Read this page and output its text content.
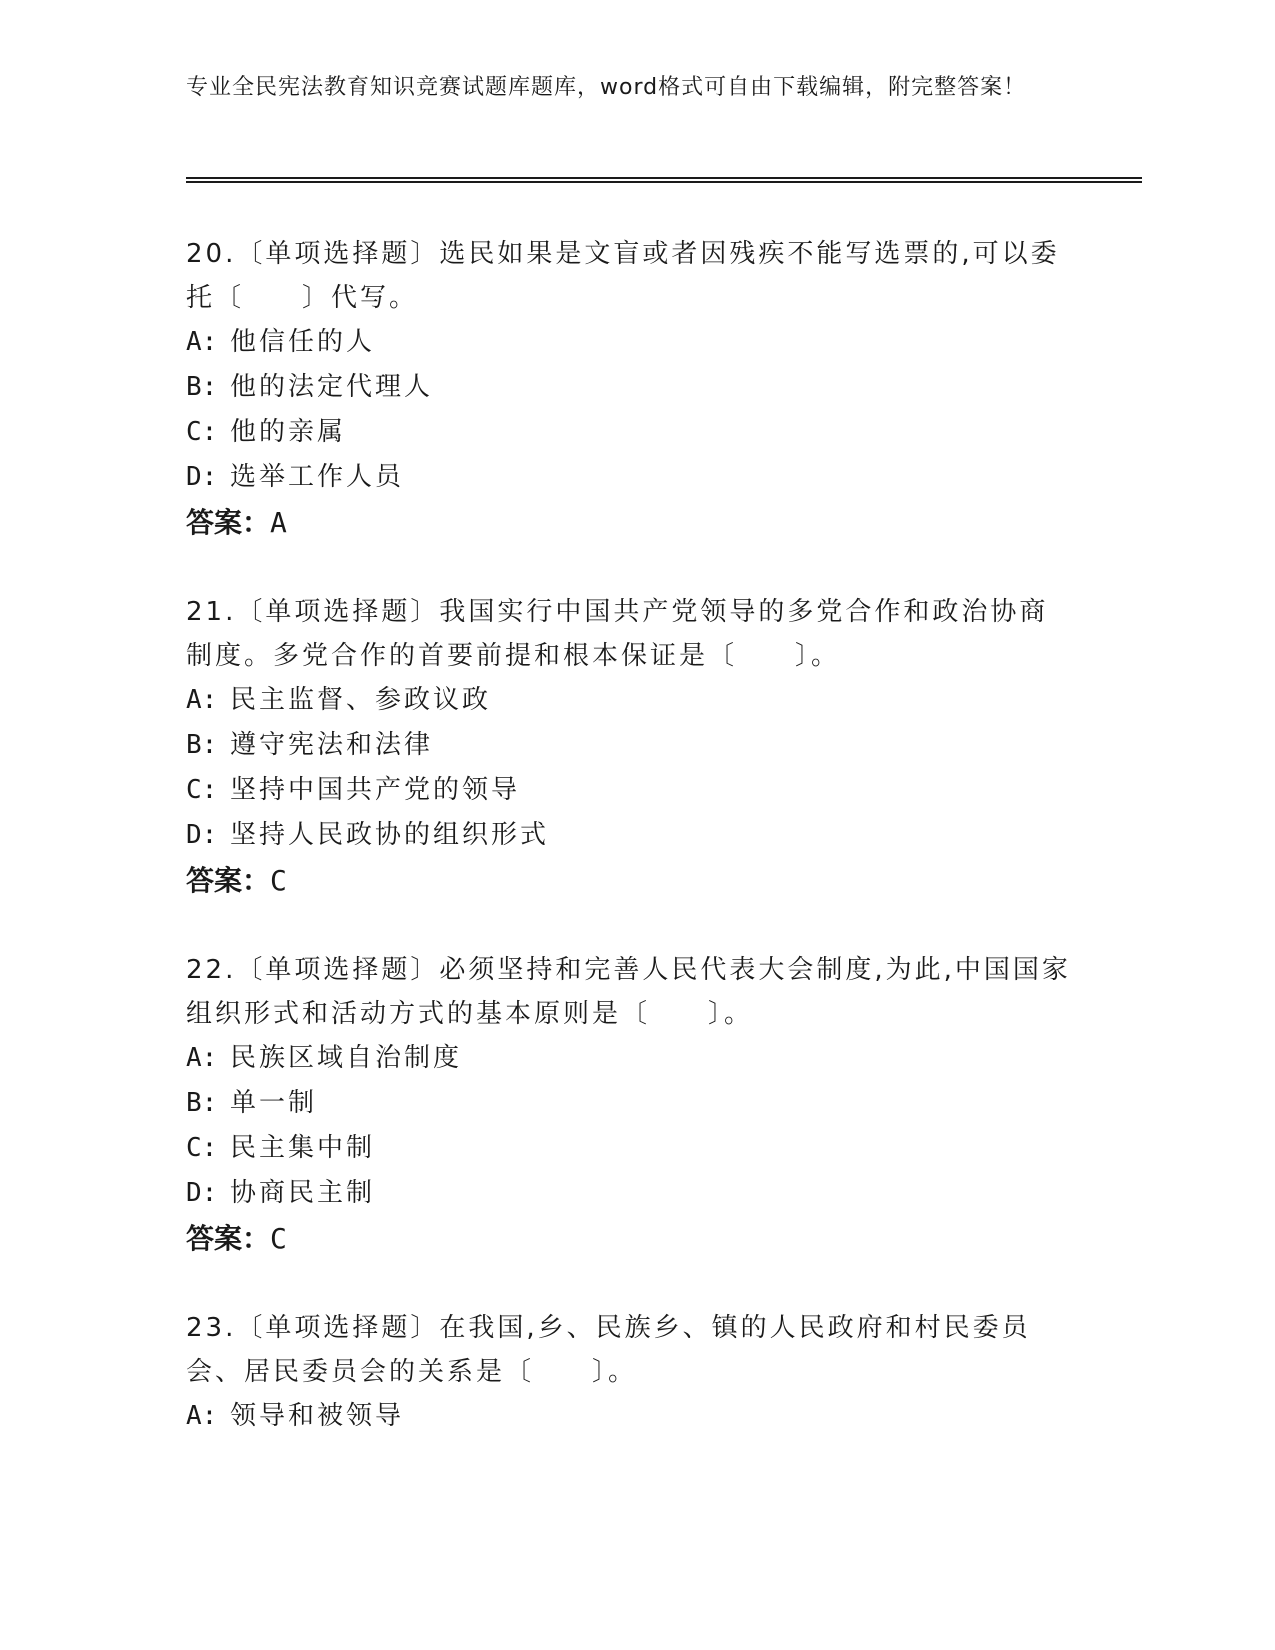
专业全民宪法教育知识竞赛试题库题库，word格式可自由下载编辑，附完整答案！

20.〔单项选择题〕选民如果是文盲或者因残疾不能写选票的,可以委托〔　　〕代写。

A: 他信任的人

B: 他的法定代理人

C: 他的亲属

D: 选举工作人员

答案：A

21.〔单项选择题〕我国实行中国共产党领导的多党合作和政治协商制度。多党合作的首要前提和根本保证是〔　　〕。

A: 民主监督、参政议政

B: 遵守宪法和法律

C: 坚持中国共产党的领导

D: 坚持人民政协的组织形式

答案：C

22.〔单项选择题〕必须坚持和完善人民代表大会制度,为此,中国国家组织形式和活动方式的基本原则是〔　　〕。

A: 民族区域自治制度

B: 单一制

C: 民主集中制

D: 协商民主制

答案：C

23.〔单项选择题〕在我国,乡、民族乡、镇的人民政府和村民委员会、居民委员会的关系是〔　　〕。

A: 领导和被领导
